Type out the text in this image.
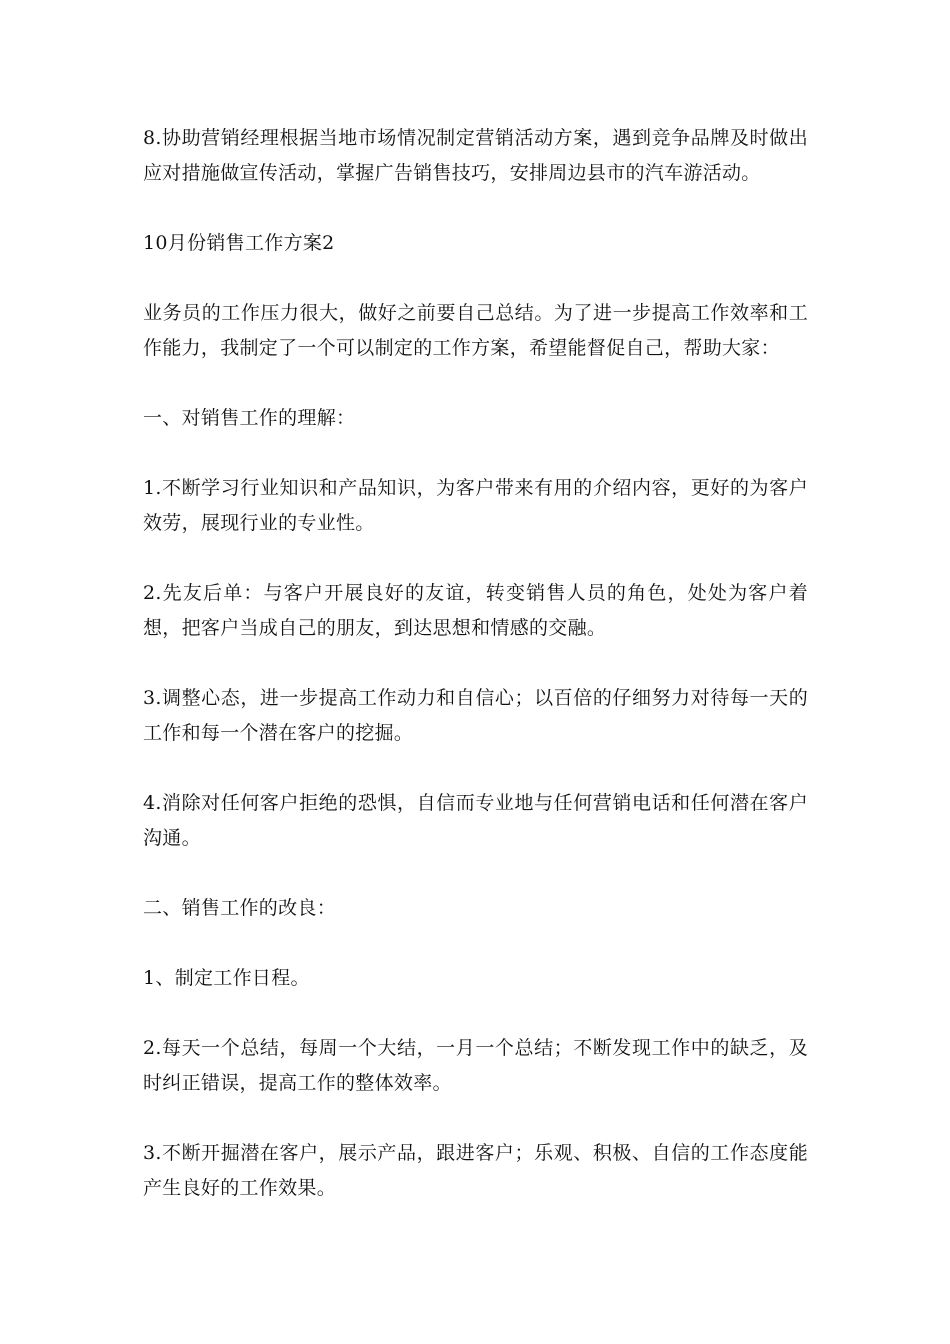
8.协助营销经理根据当地市场情况制定营销活动方案，遇到竞争品牌及时做出应对措施做宣传活动，掌握广告销售技巧，安排周边县市的汽车游活动。

10月份销售工作方案2

业务员的工作压力很大，做好之前要自己总结。为了进一步提高工作效率和工作能力，我制定了一个可以制定的工作方案，希望能督促自己，帮助大家：

一、对销售工作的理解：

1.不断学习行业知识和产品知识，为客户带来有用的介绍内容，更好的为客户效劳，展现行业的专业性。

2.先友后单：与客户开展良好的友谊，转变销售人员的角色，处处为客户着想，把客户当成自己的朋友，到达思想和情感的交融。

3.调整心态，进一步提高工作动力和自信心；以百倍的仔细努力对待每一天的工作和每一个潜在客户的挖掘。

4.消除对任何客户拒绝的恐惧，自信而专业地与任何营销电话和任何潜在客户沟通。

二、销售工作的改良：

1、制定工作日程。

2.每天一个总结，每周一个大结，一月一个总结；不断发现工作中的缺乏，及时纠正错误，提高工作的整体效率。

3.不断开掘潜在客户，展示产品，跟进客户；乐观、积极、自信的工作态度能产生良好的工作效果。
